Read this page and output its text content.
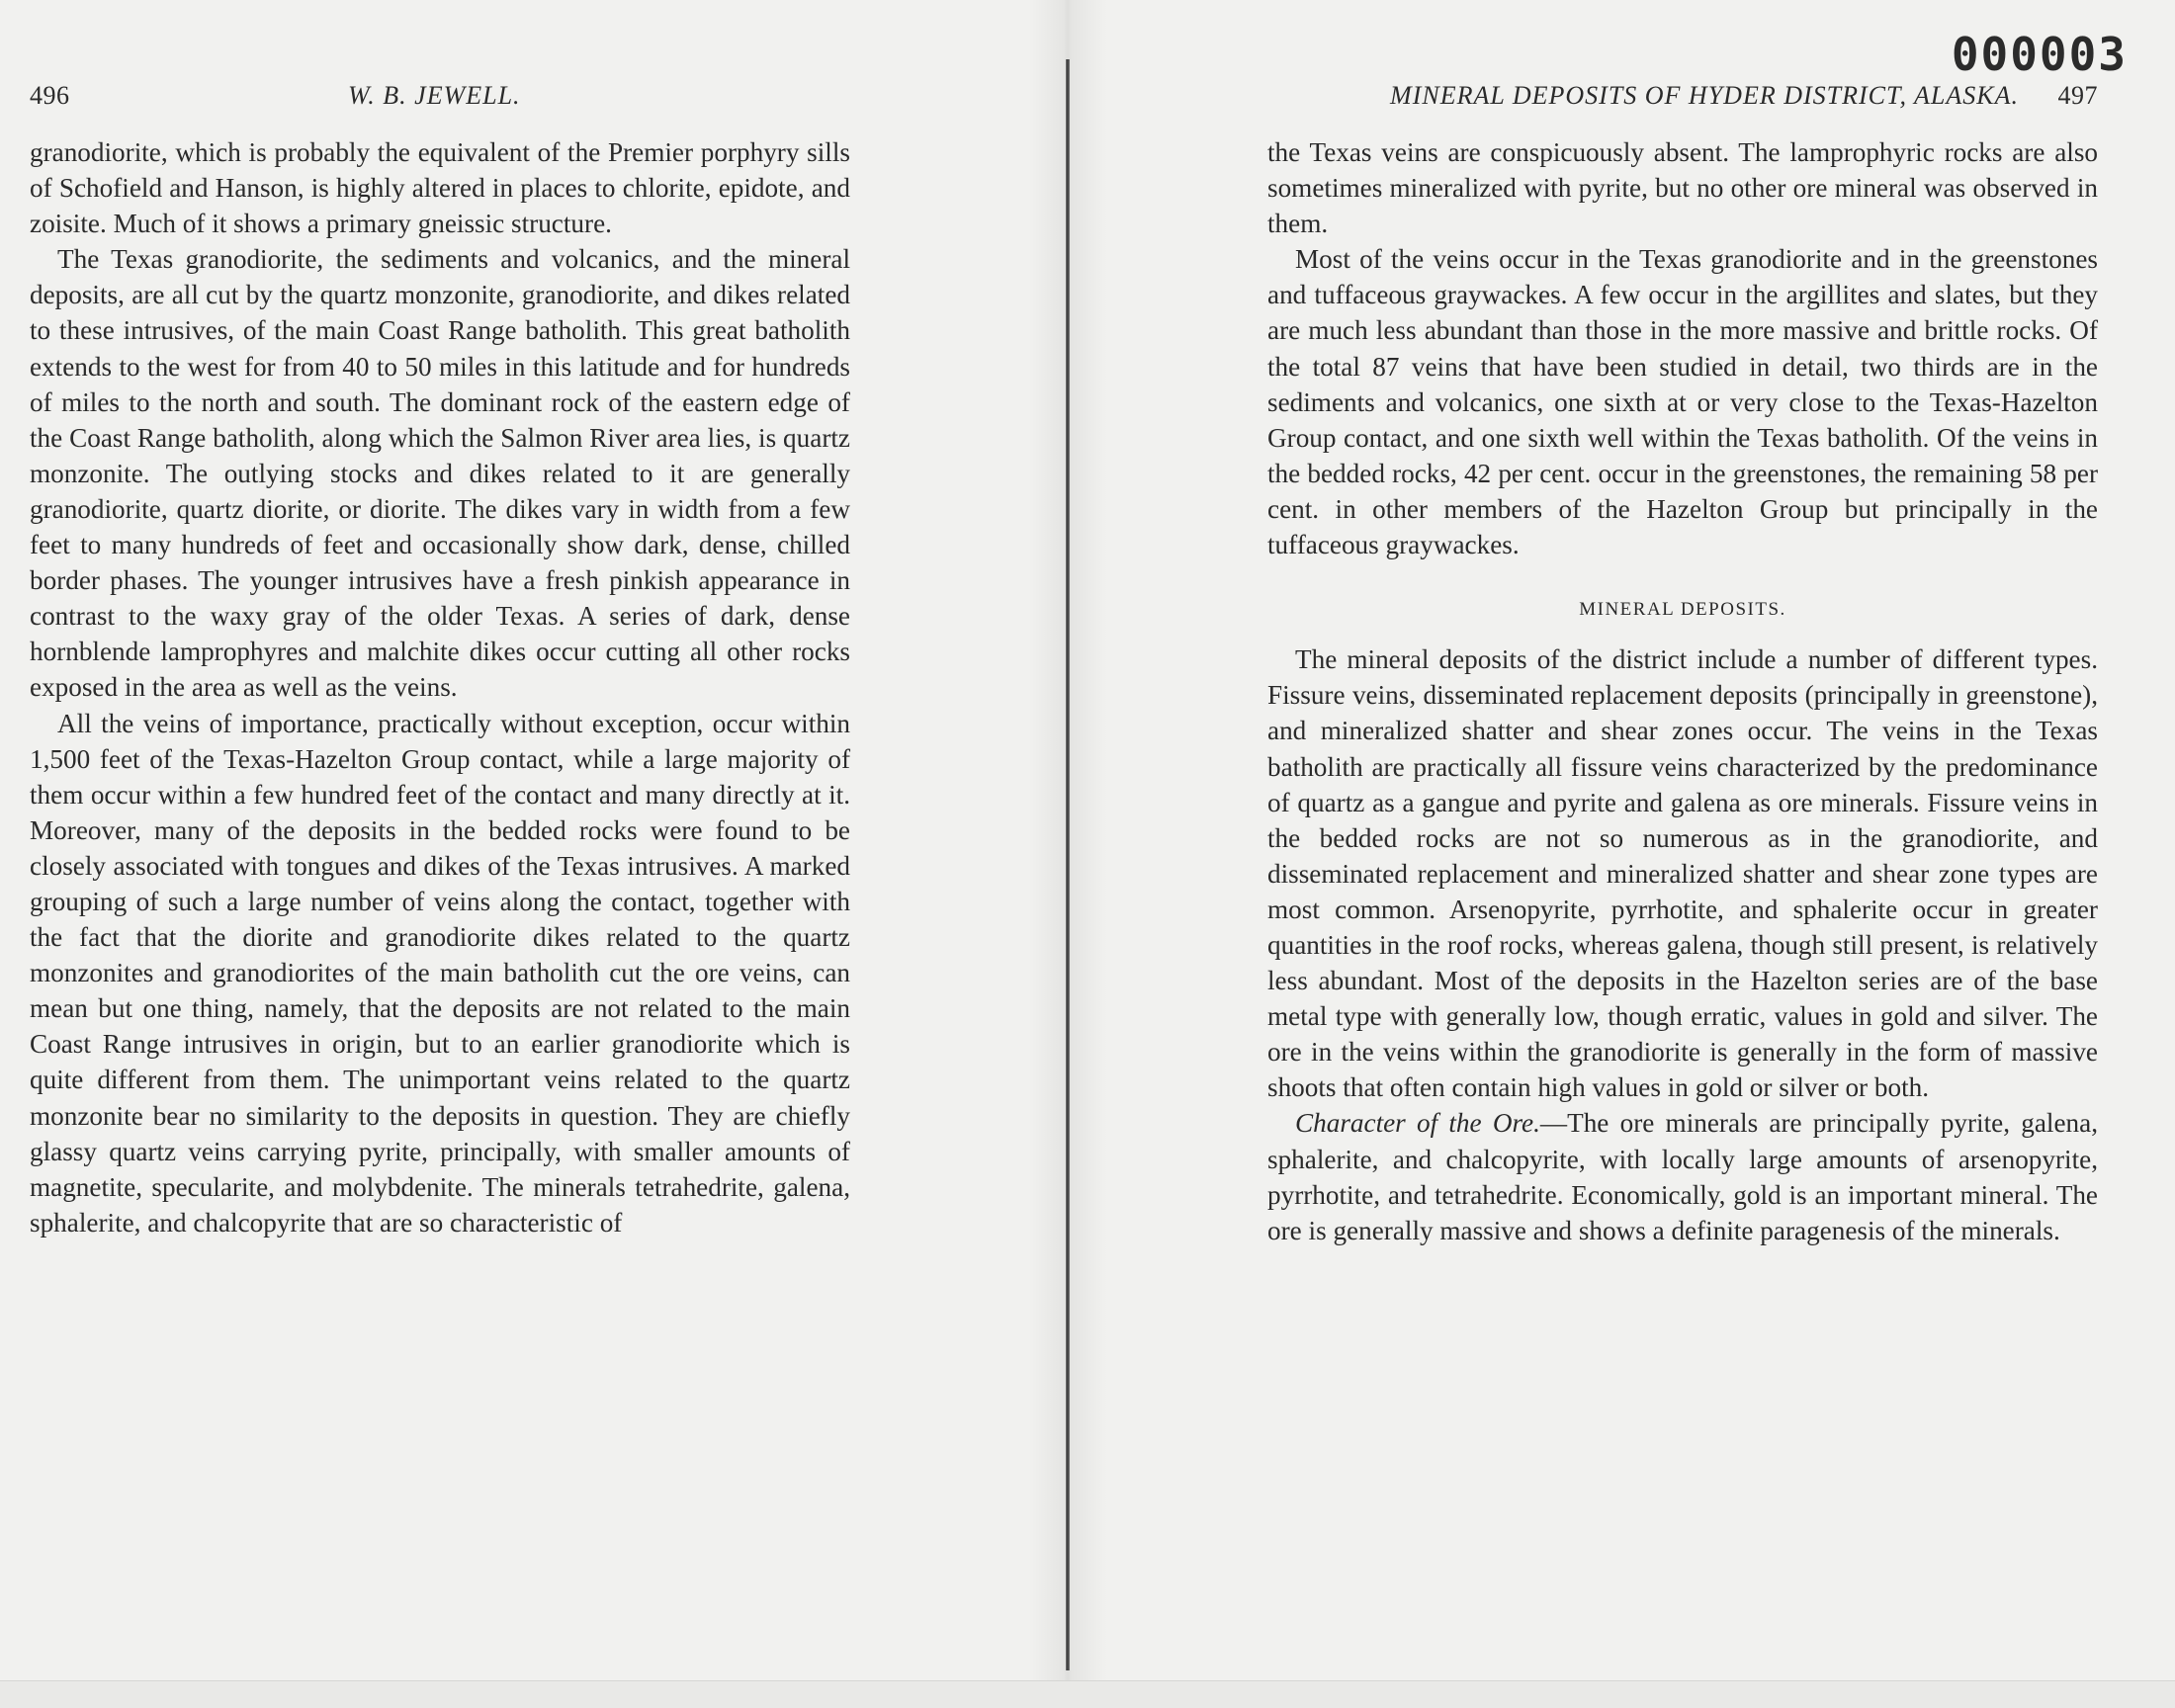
000003
496	W. B. JEWELL.

granodiorite, which is probably the equivalent of the Premier porphyry sills of Schofield and Hanson, is highly altered in places to chlorite, epidote, and zoisite. Much of it shows a primary gneissic structure.

The Texas granodiorite, the sediments and volcanics, and the mineral deposits, are all cut by the quartz monzonite, granodiorite, and dikes related to these intrusives, of the main Coast Range batholith. This great batholith extends to the west for from 40 to 50 miles in this latitude and for hundreds of miles to the north and south. The dominant rock of the eastern edge of the Coast Range batholith, along which the Salmon River area lies, is quartz monzonite. The outlying stocks and dikes related to it are generally granodiorite, quartz diorite, or diorite. The dikes vary in width from a few feet to many hundreds of feet and occasionally show dark, dense, chilled border phases. The younger intrusives have a fresh pinkish appearance in contrast to the waxy gray of the older Texas. A series of dark, dense hornblende lamprophyres and malchite dikes occur cutting all other rocks exposed in the area as well as the veins.

All the veins of importance, practically without exception, occur within 1,500 feet of the Texas-Hazelton Group contact, while a large majority of them occur within a few hundred feet of the contact and many directly at it. Moreover, many of the deposits in the bedded rocks were found to be closely associated with tongues and dikes of the Texas intrusives. A marked grouping of such a large number of veins along the contact, together with the fact that the diorite and granodiorite dikes related to the quartz monzonites and granodiorites of the main batholith cut the ore veins, can mean but one thing, namely, that the deposits are not related to the main Coast Range intrusives in origin, but to an earlier granodiorite which is quite different from them. The unimportant veins related to the quartz monzonite bear no similarity to the deposits in question. They are chiefly glassy quartz veins carrying pyrite, principally, with smaller amounts of magnetite, specularite, and molybdenite. The minerals tetrahedrite, galena, sphalerite, and chalcopyrite that are so characteristic of

MINERAL DEPOSITS OF HYDER DISTRICT, ALASKA. 497

the Texas veins are conspicuously absent. The lamprophyric rocks are also sometimes mineralized with pyrite, but no other ore mineral was observed in them.

Most of the veins occur in the Texas granodiorite and in the greenstones and tuffaceous graywackes. A few occur in the argillites and slates, but they are much less abundant than those in the more massive and brittle rocks. Of the total 87 veins that have been studied in detail, two thirds are in the sediments and volcanics, one sixth at or very close to the Texas-Hazelton Group contact, and one sixth well within the Texas batholith. Of the veins in the bedded rocks, 42 per cent. occur in the greenstones, the remaining 58 per cent. in other members of the Hazelton Group but principally in the tuffaceous graywackes.

MINERAL DEPOSITS.

The mineral deposits of the district include a number of different types. Fissure veins, disseminated replacement deposits (principally in greenstone), and mineralized shatter and shear zones occur. The veins in the Texas batholith are practically all fissure veins characterized by the predominance of quartz as a gangue and pyrite and galena as ore minerals. Fissure veins in the bedded rocks are not so numerous as in the granodiorite, and disseminated replacement and mineralized shatter and shear zone types are most common. Arsenopyrite, pyrrhotite, and sphalerite occur in greater quantities in the roof rocks, whereas galena, though still present, is relatively less abundant. Most of the deposits in the Hazelton series are of the base metal type with generally low, though erratic, values in gold and silver. The ore in the veins within the granodiorite is generally in the form of massive shoots that often contain high values in gold or silver or both.

Character of the Ore.—The ore minerals are principally pyrite, galena, sphalerite, and chalcopyrite, with locally large amounts of arsenopyrite, pyrrhotite, and tetrahedrite. Economically, gold is an important mineral. The ore is generally massive and shows a definite paragenesis of the minerals.
